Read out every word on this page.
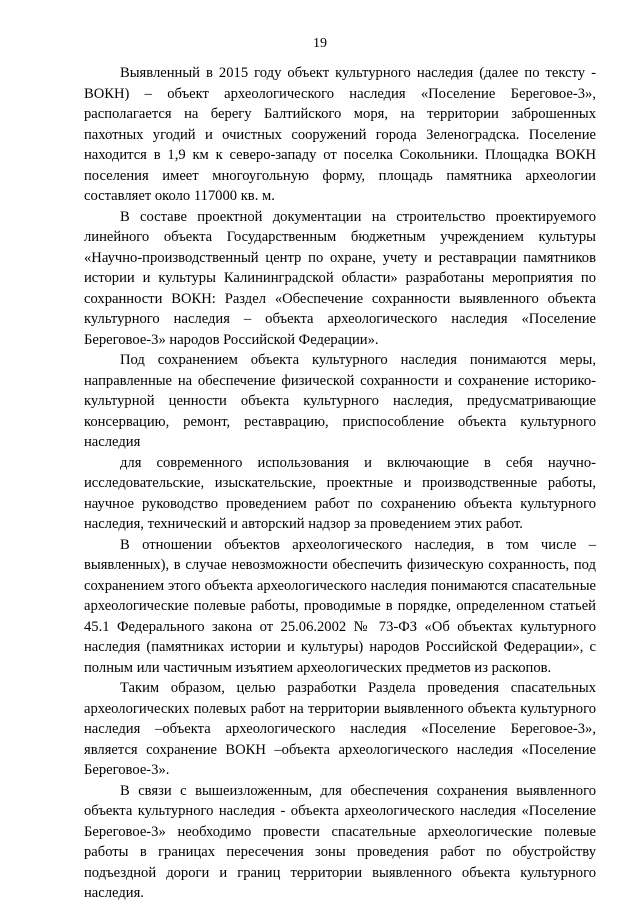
19

Выявленный в 2015 году объект культурного наследия (далее по тексту - ВОКН) – объект археологического наследия «Поселение Береговое-3», располагается на берегу Балтийского моря, на территории заброшенных пахотных угодий и очистных сооружений города Зеленоградска. Поселение находится в 1,9 км к северо-западу от поселка Сокольники. Площадка ВОКН поселения имеет многоугольную форму, площадь памятника археологии составляет около 117000 кв. м.

В составе проектной документации на строительство проектируемого линейного объекта Государственным бюджетным учреждением культуры «Научно-производственный центр по охране, учету и реставрации памятников истории и культуры Калининградской области» разработаны мероприятия по сохранности ВОКН: Раздел «Обеспечение сохранности выявленного объекта культурного наследия – объекта археологического наследия «Поселение Береговое-3» народов Российской Федерации».

Под сохранением объекта культурного наследия понимаются меры, направленные на обеспечение физической сохранности и сохранение историко-культурной ценности объекта культурного наследия, предусматривающие консервацию, ремонт, реставрацию, приспособление объекта культурного наследия

для современного использования и включающие в себя научно-исследовательские, изыскательские, проектные и производственные работы, научное руководство проведением работ по сохранению объекта культурного наследия, технический и авторский надзор за проведением этих работ.

В отношении объектов археологического наследия, в том числе – выявленных), в случае невозможности обеспечить физическую сохранность, под сохранением этого объекта археологического наследия понимаются спасательные археологические полевые работы, проводимые в порядке, определенном статьей 45.1 Федерального закона от 25.06.2002 № 73-ФЗ «Об объектах культурного наследия (памятниках истории и культуры) народов Российской Федерации», с полным или частичным изъятием археологических предметов из раскопов.

Таким образом, целью разработки Раздела проведения спасательных археологических полевых работ на территории выявленного объекта культурного наследия –объекта археологического наследия «Поселение Береговое-3», является сохранение ВОКН –объекта археологического наследия «Поселение Береговое-3».

В связи с вышеизложенным, для обеспечения сохранения выявленного объекта культурного наследия - объекта археологического наследия «Поселение Береговое-3» необходимо провести спасательные археологические полевые работы в границах пересечения зоны проведения работ по обустройству подъездной дороги и границ территории выявленного объекта культурного наследия.
